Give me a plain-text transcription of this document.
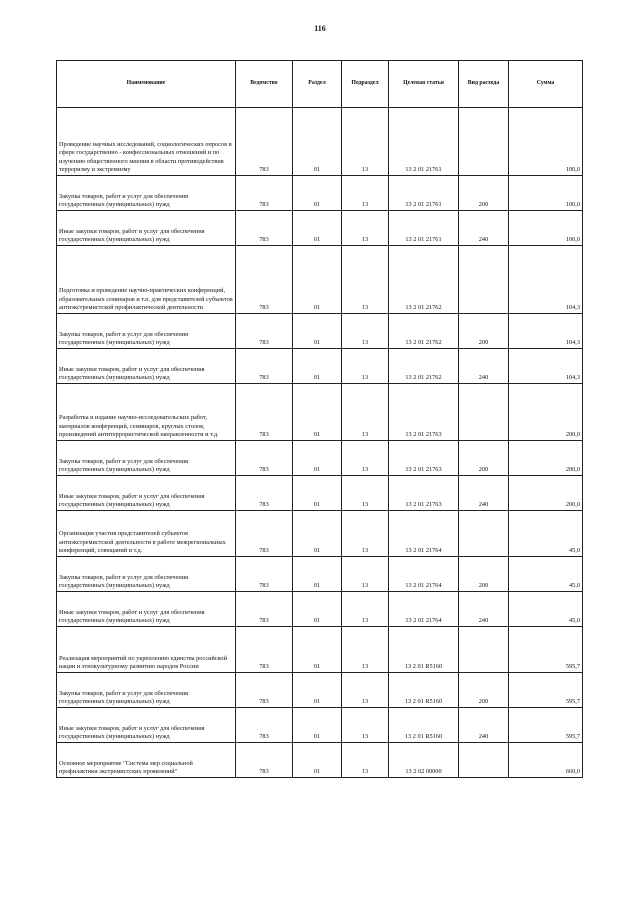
116
Наименование	Ведомство	Раздел	Подраздел	Целевая статья	Вид расхода	Сумма
Проведение научных исследований, социологических опросов в сфере государственно - конфессиональных отношений и по изучению общественного мнения в области противодействия терроризму и экстремизму	783	01	13	13 2 01 21761		100,0
Закупка товаров, работ и услуг для обеспечения государственных (муниципальных) нужд	783	01	13	13 2 01 21761	200	100,0
Иные закупки товаров, работ и услуг для обеспечения государственных (муниципальных) нужд	783	01	13	13 2 01 21761	240	100,0
Подготовка и проведение научно-практических конференций, образовательных семинаров и т.п. для представителей субъектов антиэкстремистской профилактической деятельности	783	01	13	13 2 01 21762		104,3
Закупка товаров, работ и услуг для обеспечения государственных (муниципальных) нужд	783	01	13	13 2 01 21762	200	104,3
Иные закупки товаров, работ и услуг для обеспечения государственных (муниципальных) нужд	783	01	13	13 2 01 21762	240	104,3
Разработка и издание научно-исследовательских работ, материалов конференций, семинаров, круглых столов, произведений антитеррористической направленности и т.д.	783	01	13	13 2 01 21763		200,0
Закупка товаров, работ и услуг для обеспечения государственных (муниципальных) нужд	783	01	13	13 2 01 21763	200	200,0
Иные закупки товаров, работ и услуг для обеспечения государственных (муниципальных) нужд	783	01	13	13 2 01 21763	240	200,0
Организация участия представителей субъектов антиэкстремистской деятельности в работе межрегиональных конференций, совещаний и т.д.	783	01	13	13 2 01 21764		45,0
Закупка товаров, работ и услуг для обеспечения государственных (муниципальных) нужд	783	01	13	13 2 01 21764	200	45,0
Иные закупки товаров, работ и услуг для обеспечения государственных (муниципальных) нужд	783	01	13	13 2 01 21764	240	45,0
Реализация мероприятий по укреплению единства российской нации и этнокультурному развитию народов России	783	01	13	13 2 01 R5160		595,7
Закупка товаров, работ и услуг для обеспечения государственных (муниципальных) нужд	783	01	13	13 2 01 R5160	200	595,7
Иные закупки товаров, работ и услуг для обеспечения государственных (муниципальных) нужд	783	01	13	13 2 01 R5160	240	595,7
Основное мероприятие "Система мер социальной профилактики экстремистских проявлений"	783	01	13	13 2 02 00000		660,0
